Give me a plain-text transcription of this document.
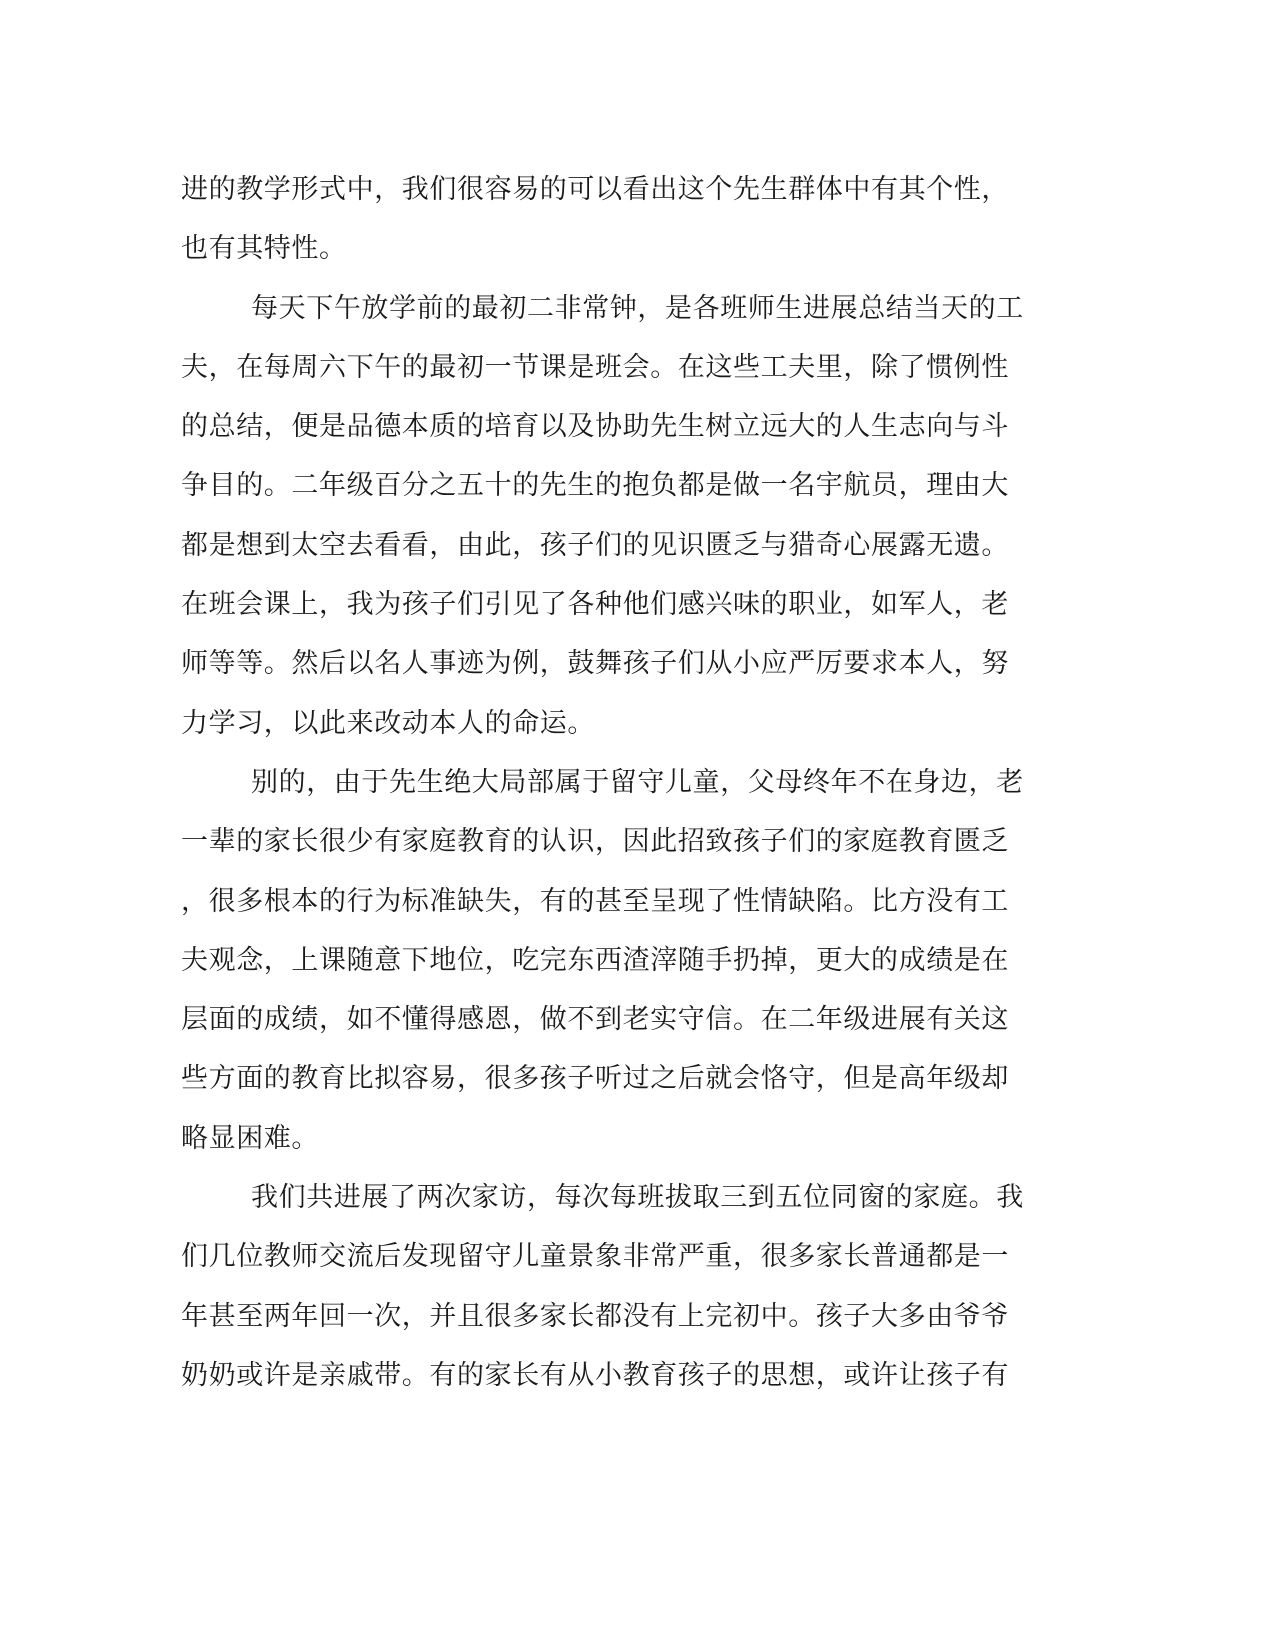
进的教学形式中，我们很容易的可以看出这个先生群体中有其个性，
也有其特性。
每天下午放学前的最初二非常钟，是各班师生进展总结当天的工
夫，在每周六下午的最初一节课是班会。在这些工夫里，除了惯例性
的总结，便是品德本质的培育以及协助先生树立远大的人生志向与斗
争目的。二年级百分之五十的先生的抱负都是做一名宇航员，理由大
都是想到太空去看看，由此，孩子们的见识匮乏与猎奇心展露无遗。
在班会课上，我为孩子们引见了各种他们感兴味的职业，如军人，老
师等等。然后以名人事迹为例，鼓舞孩子们从小应严厉要求本人，努
力学习，以此来改动本人的命运。
别的，由于先生绝大局部属于留守儿童，父母终年不在身边，老
一辈的家长很少有家庭教育的认识，因此招致孩子们的家庭教育匮乏
，很多根本的行为标准缺失，有的甚至呈现了性情缺陷。比方没有工
夫观念，上课随意下地位，吃完东西渣滓随手扔掉，更大的成绩是在
层面的成绩，如不懂得感恩，做不到老实守信。在二年级进展有关这
些方面的教育比拟容易，很多孩子听过之后就会恪守，但是高年级却
略显困难。
我们共进展了两次家访，每次每班拔取三到五位同窗的家庭。我
们几位教师交流后发现留守儿童景象非常严重，很多家长普通都是一
年甚至两年回一次，并且很多家长都没有上完初中。孩子大多由爷爷
奶奶或许是亲戚带。有的家长有从小教育孩子的思想，或许让孩子有
